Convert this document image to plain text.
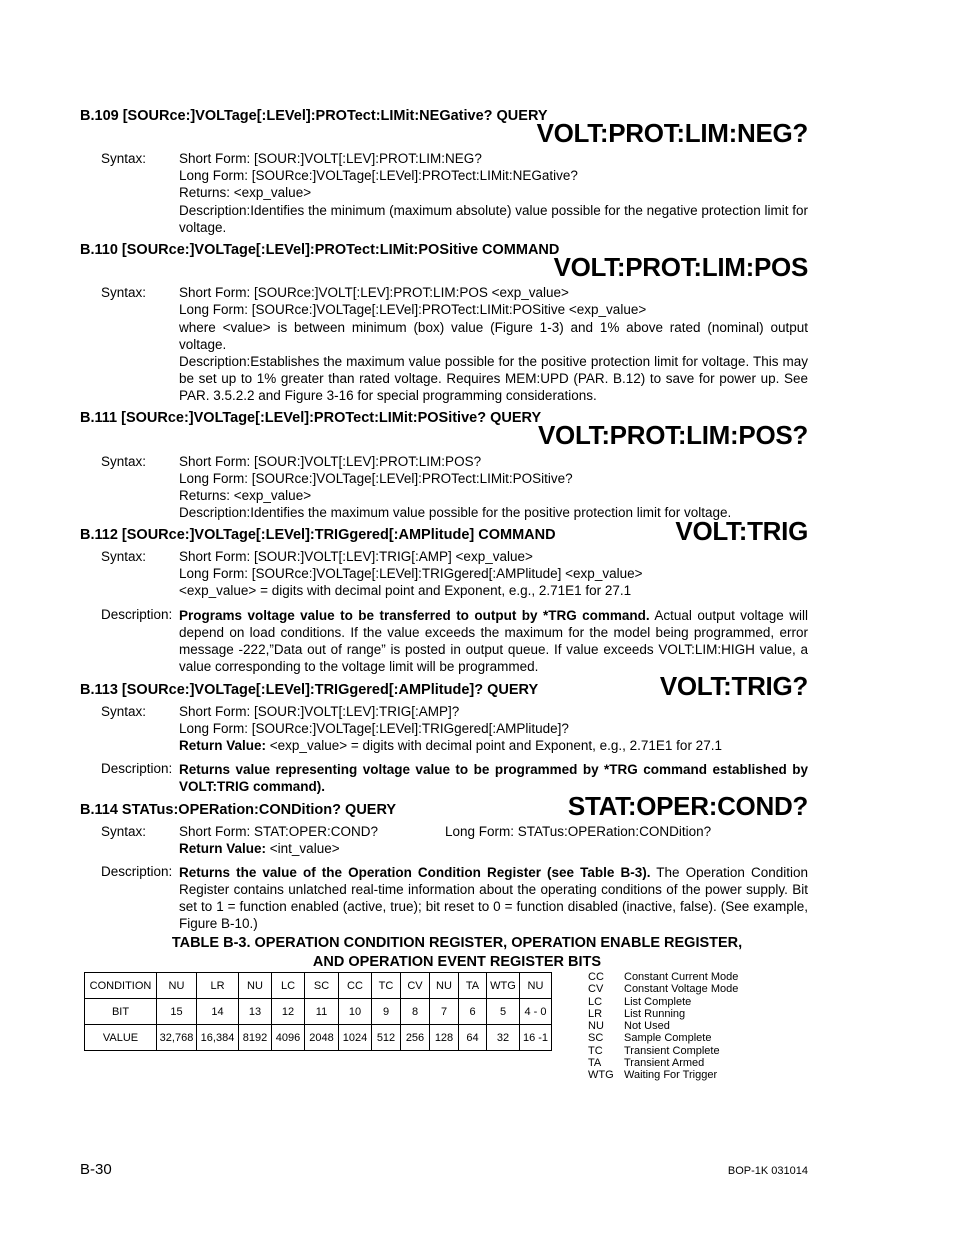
B.109 [SOURce:]VOLTage[:LEVel]:PROTect:LIMit:NEGative? QUERY
VOLT:PROT:LIM:NEG?
Syntax: Short Form: [SOUR:]VOLT[:LEV]:PROT:LIM:NEG?
Long Form: [SOURce:]VOLTage[:LEVel]:PROTect:LIMit:NEGative?
Returns: <exp_value>
Description:Identifies the minimum (maximum absolute) value possible for the negative protection limit for voltage.
B.110 [SOURce:]VOLTage[:LEVel]:PROTect:LIMit:POSitive COMMAND
VOLT:PROT:LIM:POS
Syntax: Short Form: [SOURce:]VOLT[:LEV]:PROT:LIM:POS <exp_value>
Long Form: [SOURce:]VOLTage[:LEVel]:PROTect:LIMit:POSitive <exp_value>
where <value> is between minimum (box) value (Figure 1-3) and 1% above rated (nominal) output voltage.
Description:Establishes the maximum value possible for the positive protection limit for voltage. This may be set up to 1% greater than rated voltage. Requires MEM:UPD (PAR. B.12) to save for power up. See PAR. 3.5.2.2 and Figure 3-16 for special programming considerations.
B.111 [SOURce:]VOLTage[:LEVel]:PROTect:LIMit:POSitive? QUERY
VOLT:PROT:LIM:POS?
Syntax: Short Form: [SOUR:]VOLT[:LEV]:PROT:LIM:POS?
Long Form: [SOURce:]VOLTage[:LEVel]:PROTect:LIMit:POSitive?
Returns: <exp_value>
Description:Identifies the maximum value possible for the positive protection limit for voltage.
B.112 [SOURce:]VOLTage[:LEVel]:TRIGgered[:AMPlitude] COMMAND	VOLT:TRIG
Syntax: Short Form: [SOUR:]VOLT[:LEV]:TRIG[:AMP] <exp_value>
Long Form: [SOURce:]VOLTage[:LEVel]:TRIGgered[:AMPlitude] <exp_value>
<exp_value> = digits with decimal point and Exponent, e.g., 2.71E1 for 27.1
Description: Programs voltage value to be transferred to output by *TRG command. Actual output voltage will depend on load conditions. If the value exceeds the maximum for the model being programmed, error message -222,”Data out of range” is posted in output queue. If value exceeds VOLT:LIM:HIGH value, a value corresponding to the voltage limit will be programmed.
B.113 [SOURce:]VOLTage[:LEVel]:TRIGgered[:AMPlitude]? QUERY	VOLT:TRIG?
Syntax: Short Form: [SOUR:]VOLT[:LEV]:TRIG[:AMP]?
Long Form: [SOURce:]VOLTage[:LEVel]:TRIGgered[:AMPlitude]?
Return Value: <exp_value> = digits with decimal point and Exponent, e.g., 2.71E1 for 27.1
Description: Returns value representing voltage value to be programmed by *TRG command established by VOLT:TRIG command).
B.114 STATus:OPERation:CONDition? QUERY	STAT:OPER:COND?
Syntax: Short Form: STAT:OPER:COND?	Long Form: STATus:OPERation:CONDition?
Return Value: <int_value>
Description: Returns the value of the Operation Condition Register (see Table B-3). The Operation Condition Register contains unlatched real-time information about the operating conditions of the power supply. Bit set to 1 = function enabled (active, true); bit reset to 0 = function disabled (inactive, false). (See example, Figure B-10.)
TABLE B-3. OPERATION CONDITION REGISTER, OPERATION ENABLE REGISTER,
AND OPERATION EVENT REGISTER BITS
CONDITION	NU	LR	NU	LC	SC	CC	TC	CV	NU	TA	WTG	NU
BIT	15	14	13	12	11	10	9	8	7	6	5	4 - 0
VALUE	32,768	16,384	8192	4096	2048	1024	512	256	128	64	32	16 -1
CC	Constant Current Mode
CV	Constant Voltage Mode
LC	List Complete
LR	List Running
NU	Not Used
SC	Sample Complete
TC	Transient Complete
TA	Transient Armed
WTG Waiting For Trigger
B-30	BOP-1K 031014
